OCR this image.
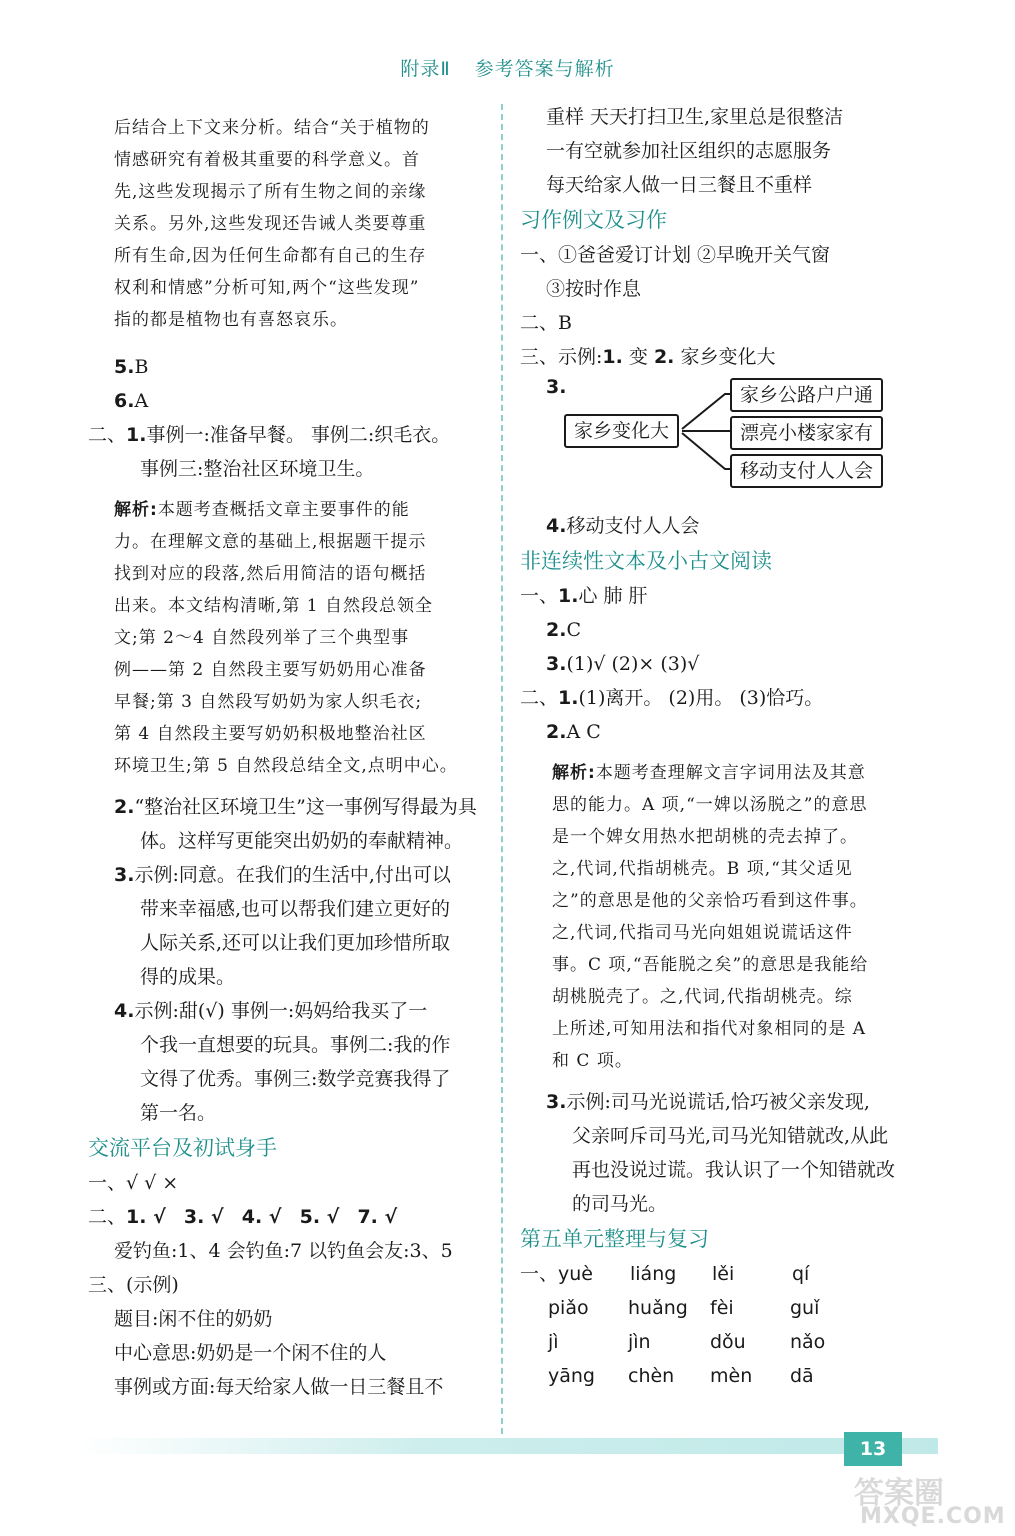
附录Ⅱ 参考答案与解析
后结合上下文来分析。结合“关于植物的
情感研究有着极其重要的科学意义。首
先,这些发现揭示了所有生物之间的亲缘
关系。另外,这些发现还告诫人类要尊重
所有生命,因为任何生命都有自己的生存
权利和情感”分析可知,两个“这些发现”
指的都是植物也有喜怒哀乐。
5.B
6.A
二、1.事例一:准备早餐。 事例二:织毛衣。
事例三:整治社区环境卫生。
解析:本题考查概括文章主要事件的能
力。在理解文意的基础上,根据题干提示
找到对应的段落,然后用简洁的语句概括
出来。本文结构清晰,第 1 自然段总领全
文;第 2～4 自然段列举了三个典型事
例——第 2 自然段主要写奶奶用心准备
早餐;第 3 自然段写奶奶为家人织毛衣;
第 4 自然段主要写奶奶积极地整治社区
环境卫生;第 5 自然段总结全文,点明中心。
2.“整治社区环境卫生”这一事例写得最为具
体。这样写更能突出奶奶的奉献精神。
3.示例:同意。在我们的生活中,付出可以
带来幸福感,也可以帮我们建立更好的
人际关系,还可以让我们更加珍惜所取
得的成果。
4.示例:甜(√) 事例一:妈妈给我买了一
个我一直想要的玩具。事例二:我的作
文得了优秀。事例三:数学竞赛我得了
第一名。
交流平台及初试身手
一、√ √ ×
二、1. √ 3. √ 4. √ 5. √ 7. √
爱钓鱼:1、4 会钓鱼:7 以钓鱼会友:3、5
三、(示例)
题目:闲不住的奶奶
中心意思:奶奶是一个闲不住的人
事例或方面:每天给家人做一日三餐且不
重样 天天打扫卫生,家里总是很整洁
一有空就参加社区组织的志愿服务
每天给家人做一日三餐且不重样
习作例文及习作
一、①爸爸爱订计划 ②早晚开关气窗
③按时作息
二、B
三、示例:1. 变 2. 家乡变化大
3.
家乡变化大
家乡公路户户通
漂亮小楼家家有
移动支付人人会
4.移动支付人人会
非连续性文本及小古文阅读
一、1.心 肺 肝
2.C
3.(1)√ (2)× (3)√
二、1.(1)离开。 (2)用。 (3)恰巧。
2.A C
解析:本题考查理解文言字词用法及其意
思的能力。A 项,“一婢以汤脱之”的意思
是一个婢女用热水把胡桃的壳去掉了。
之,代词,代指胡桃壳。B 项,“其父适见
之”的意思是他的父亲恰巧看到这件事。
之,代词,代指司马光向姐姐说谎话这件
事。C 项,“吾能脱之矣”的意思是我能给
胡桃脱壳了。之,代词,代指胡桃壳。综
上所述,可知用法和指代对象相同的是 A
和 C 项。
3.示例:司马光说谎话,恰巧被父亲发现,
父亲呵斥司马光,司马光知错就改,从此
再也没说过谎。我认识了一个知错就改
的司马光。
第五单元整理与复习
一、yuè	liáng	lěi	qí
piǎo	huǎng	fèi	guǐ
jì	jìn	dǒu	nǎo
yāng	chèn	mèn	dā
13
答案圈
MXQE.COM
